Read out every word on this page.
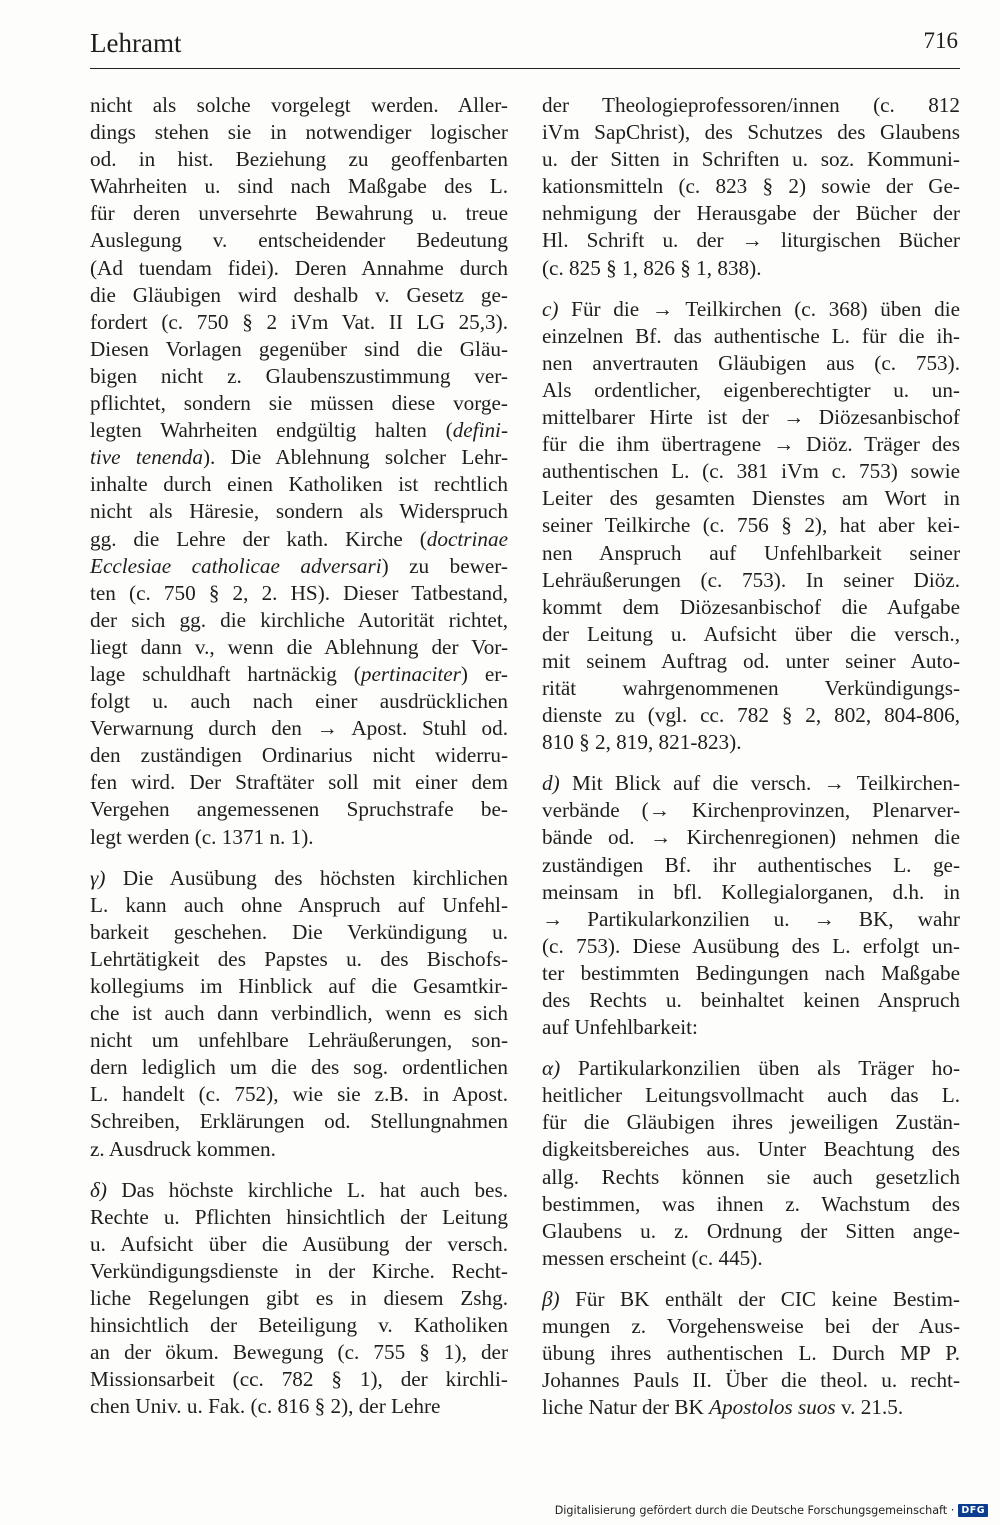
Lehramt	716

nicht als solche vorgelegt werden. Aller-
dings stehen sie in notwendiger logischer
od. in hist. Beziehung zu geoffenbarten
Wahrheiten u. sind nach Maßgabe des L.
für deren unversehrte Bewahrung u. treue
Auslegung v. entscheidender Bedeutung
(Ad tuendam fidei). Deren Annahme durch
die Gläubigen wird deshalb v. Gesetz ge-
fordert (c. 750 § 2 iVm Vat. II LG 25,3).
Diesen Vorlagen gegenüber sind die Gläu-
bigen nicht z. Glaubenszustimmung ver-
pflichtet, sondern sie müssen diese vorge-
legten Wahrheiten endgültig halten (defini-
tive tenenda). Die Ablehnung solcher Lehr-
inhalte durch einen Katholiken ist rechtlich
nicht als Häresie, sondern als Widerspruch
gg. die Lehre der kath. Kirche (doctrinae
Ecclesiae catholicae adversari) zu bewer-
ten (c. 750 § 2, 2. HS). Dieser Tatbestand,
der sich gg. die kirchliche Autorität richtet,
liegt dann v., wenn die Ablehnung der Vor-
lage schuldhaft hartnäckig (pertinaciter) er-
folgt u. auch nach einer ausdrücklichen
Verwarnung durch den → Apost. Stuhl od.
den zuständigen Ordinarius nicht widerru-
fen wird. Der Straftäter soll mit einer dem
Vergehen angemessenen Spruchstrafe be-
legt werden (c. 1371 n. 1).

γ) Die Ausübung des höchsten kirchlichen
L. kann auch ohne Anspruch auf Unfehl-
barkeit geschehen. Die Verkündigung u.
Lehrtätigkeit des Papstes u. des Bischofs-
kollegiums im Hinblick auf die Gesamtkir-
che ist auch dann verbindlich, wenn es sich
nicht um unfehlbare Lehräußerungen, son-
dern lediglich um die des sog. ordentlichen
L. handelt (c. 752), wie sie z.B. in Apost.
Schreiben, Erklärungen od. Stellungnahmen
z. Ausdruck kommen.

δ) Das höchste kirchliche L. hat auch bes.
Rechte u. Pflichten hinsichtlich der Leitung
u. Aufsicht über die Ausübung der versch.
Verkündigungsdienste in der Kirche. Recht-
liche Regelungen gibt es in diesem Zshg.
hinsichtlich der Beteiligung v. Katholiken
an der ökum. Bewegung (c. 755 § 1), der
Missionsarbeit (cc. 782 § 1), der kirchli-
chen Univ. u. Fak. (c. 816 § 2), der Lehre

der Theologieprofessoren/innen (c. 812
iVm SapChrist), des Schutzes des Glaubens
u. der Sitten in Schriften u. soz. Kommuni-
kationsmitteln (c. 823 § 2) sowie der Ge-
nehmigung der Herausgabe der Bücher der
Hl. Schrift u. der → liturgischen Bücher
(c. 825 § 1, 826 § 1, 838).

c) Für die → Teilkirchen (c. 368) üben die
einzelnen Bf. das authentische L. für die ih-
nen anvertrauten Gläubigen aus (c. 753).
Als ordentlicher, eigenberechtigter u. un-
mittelbarer Hirte ist der → Diözesanbischof
für die ihm übertragene → Diöz. Träger des
authentischen L. (c. 381 iVm c. 753) sowie
Leiter des gesamten Dienstes am Wort in
seiner Teilkirche (c. 756 § 2), hat aber kei-
nen Anspruch auf Unfehlbarkeit seiner
Lehräußerungen (c. 753). In seiner Diöz.
kommt dem Diözesanbischof die Aufgabe
der Leitung u. Aufsicht über die versch.,
mit seinem Auftrag od. unter seiner Auto-
rität wahrgenommenen Verkündigungs-
dienste zu (vgl. cc. 782 § 2, 802, 804-806,
810 § 2, 819, 821-823).

d) Mit Blick auf die versch. → Teilkirchen-
verbände (→ Kirchenprovinzen, Plenarver-
bände od. → Kirchenregionen) nehmen die
zuständigen Bf. ihr authentisches L. ge-
meinsam in bfl. Kollegialorganen, d.h. in
→ Partikularkonzilien u. → BK, wahr
(c. 753). Diese Ausübung des L. erfolgt un-
ter bestimmten Bedingungen nach Maßgabe
des Rechts u. beinhaltet keinen Anspruch
auf Unfehlbarkeit:

α) Partikularkonzilien üben als Träger ho-
heitlicher Leitungsvollmacht auch das L.
für die Gläubigen ihres jeweiligen Zustän-
digkeitsbereiches aus. Unter Beachtung des
allg. Rechts können sie auch gesetzlich
bestimmen, was ihnen z. Wachstum des
Glaubens u. z. Ordnung der Sitten ange-
messen erscheint (c. 445).

β) Für BK enthält der CIC keine Bestim-
mungen z. Vorgehensweise bei der Aus-
übung ihres authentischen L. Durch MP P.
Johannes Pauls II. Über die theol. u. recht-
liche Natur der BK Apostolos suos v. 21.5.

Digitalisierung gefördert durch die Deutsche Forschungsgemeinschaft · DFG
